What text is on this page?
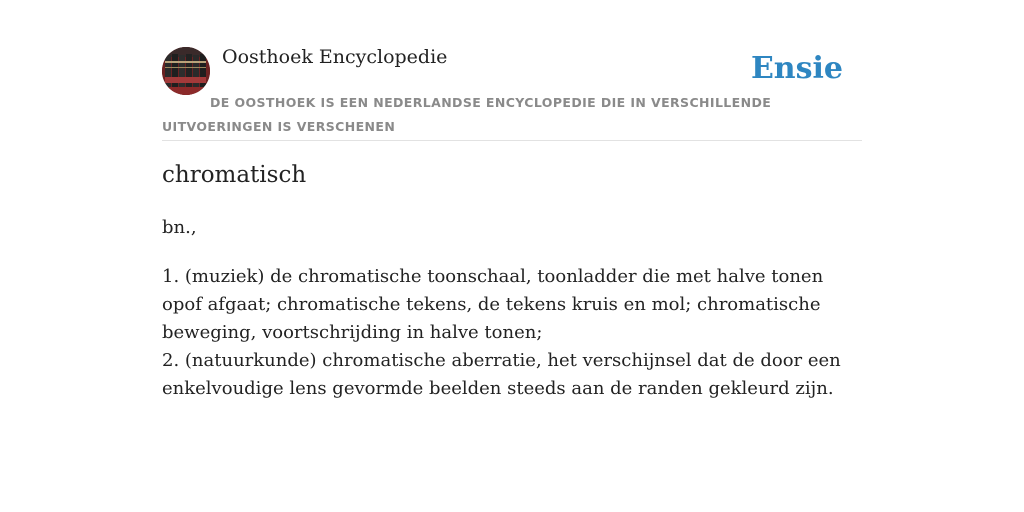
Oosthoek Encyclopedie	Ensie
DE OOSTHOEK IS EEN NEDERLANDSE ENCYCLOPEDIE DIE IN VERSCHILLENDE UITVOERINGEN IS VERSCHENEN
chromatisch
bn.,
1. (muziek) de chromatische toonschaal, toonladder die met halve tonen opof afgaat; chromatische tekens, de tekens kruis en mol; chromatische beweging, voortschrijding in halve tonen;
2. (natuurkunde) chromatische aberratie, het verschijnsel dat de door een enkelvoudige lens gevormde beelden steeds aan de randen gekleurd zijn.
